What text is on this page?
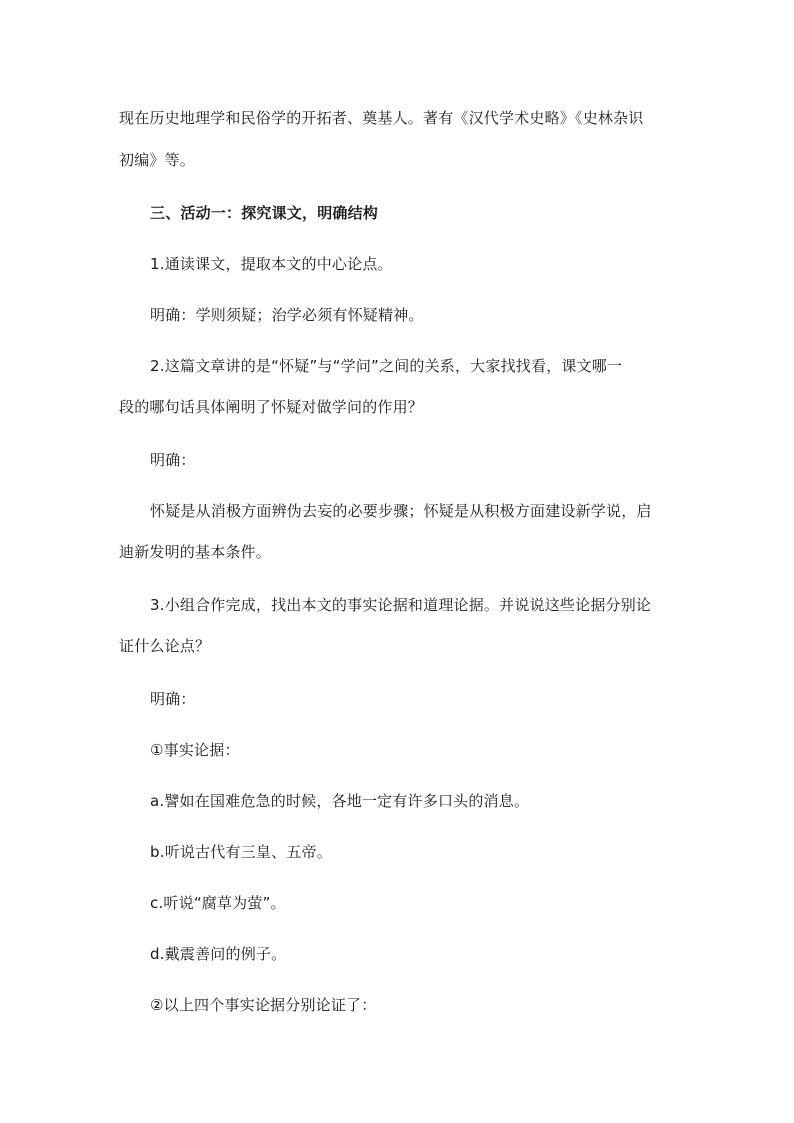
现在历史地理学和民俗学的开拓者、奠基人。著有《汉代学术史略》《史林杂识
初编》等。
三、活动一：探究课文，明确结构
1.通读课文，提取本文的中心论点。
明确：学则须疑；治学必须有怀疑精神。
2.这篇文章讲的是“怀疑”与“学问”之间的关系，大家找找看，课文哪一
段的哪句话具体阐明了怀疑对做学问的作用？
明确：
怀疑是从消极方面辨伪去妄的必要步骤；怀疑是从积极方面建设新学说，启
迪新发明的基本条件。
3.小组合作完成，找出本文的事实论据和道理论据。并说说这些论据分别论
证什么论点？
明确：
①事实论据：
a.譬如在国难危急的时候，各地一定有许多口头的消息。
b.听说古代有三皇、五帝。
c.听说“腐草为萤”。
d.戴震善问的例子。
②以上四个事实论据分别论证了：
